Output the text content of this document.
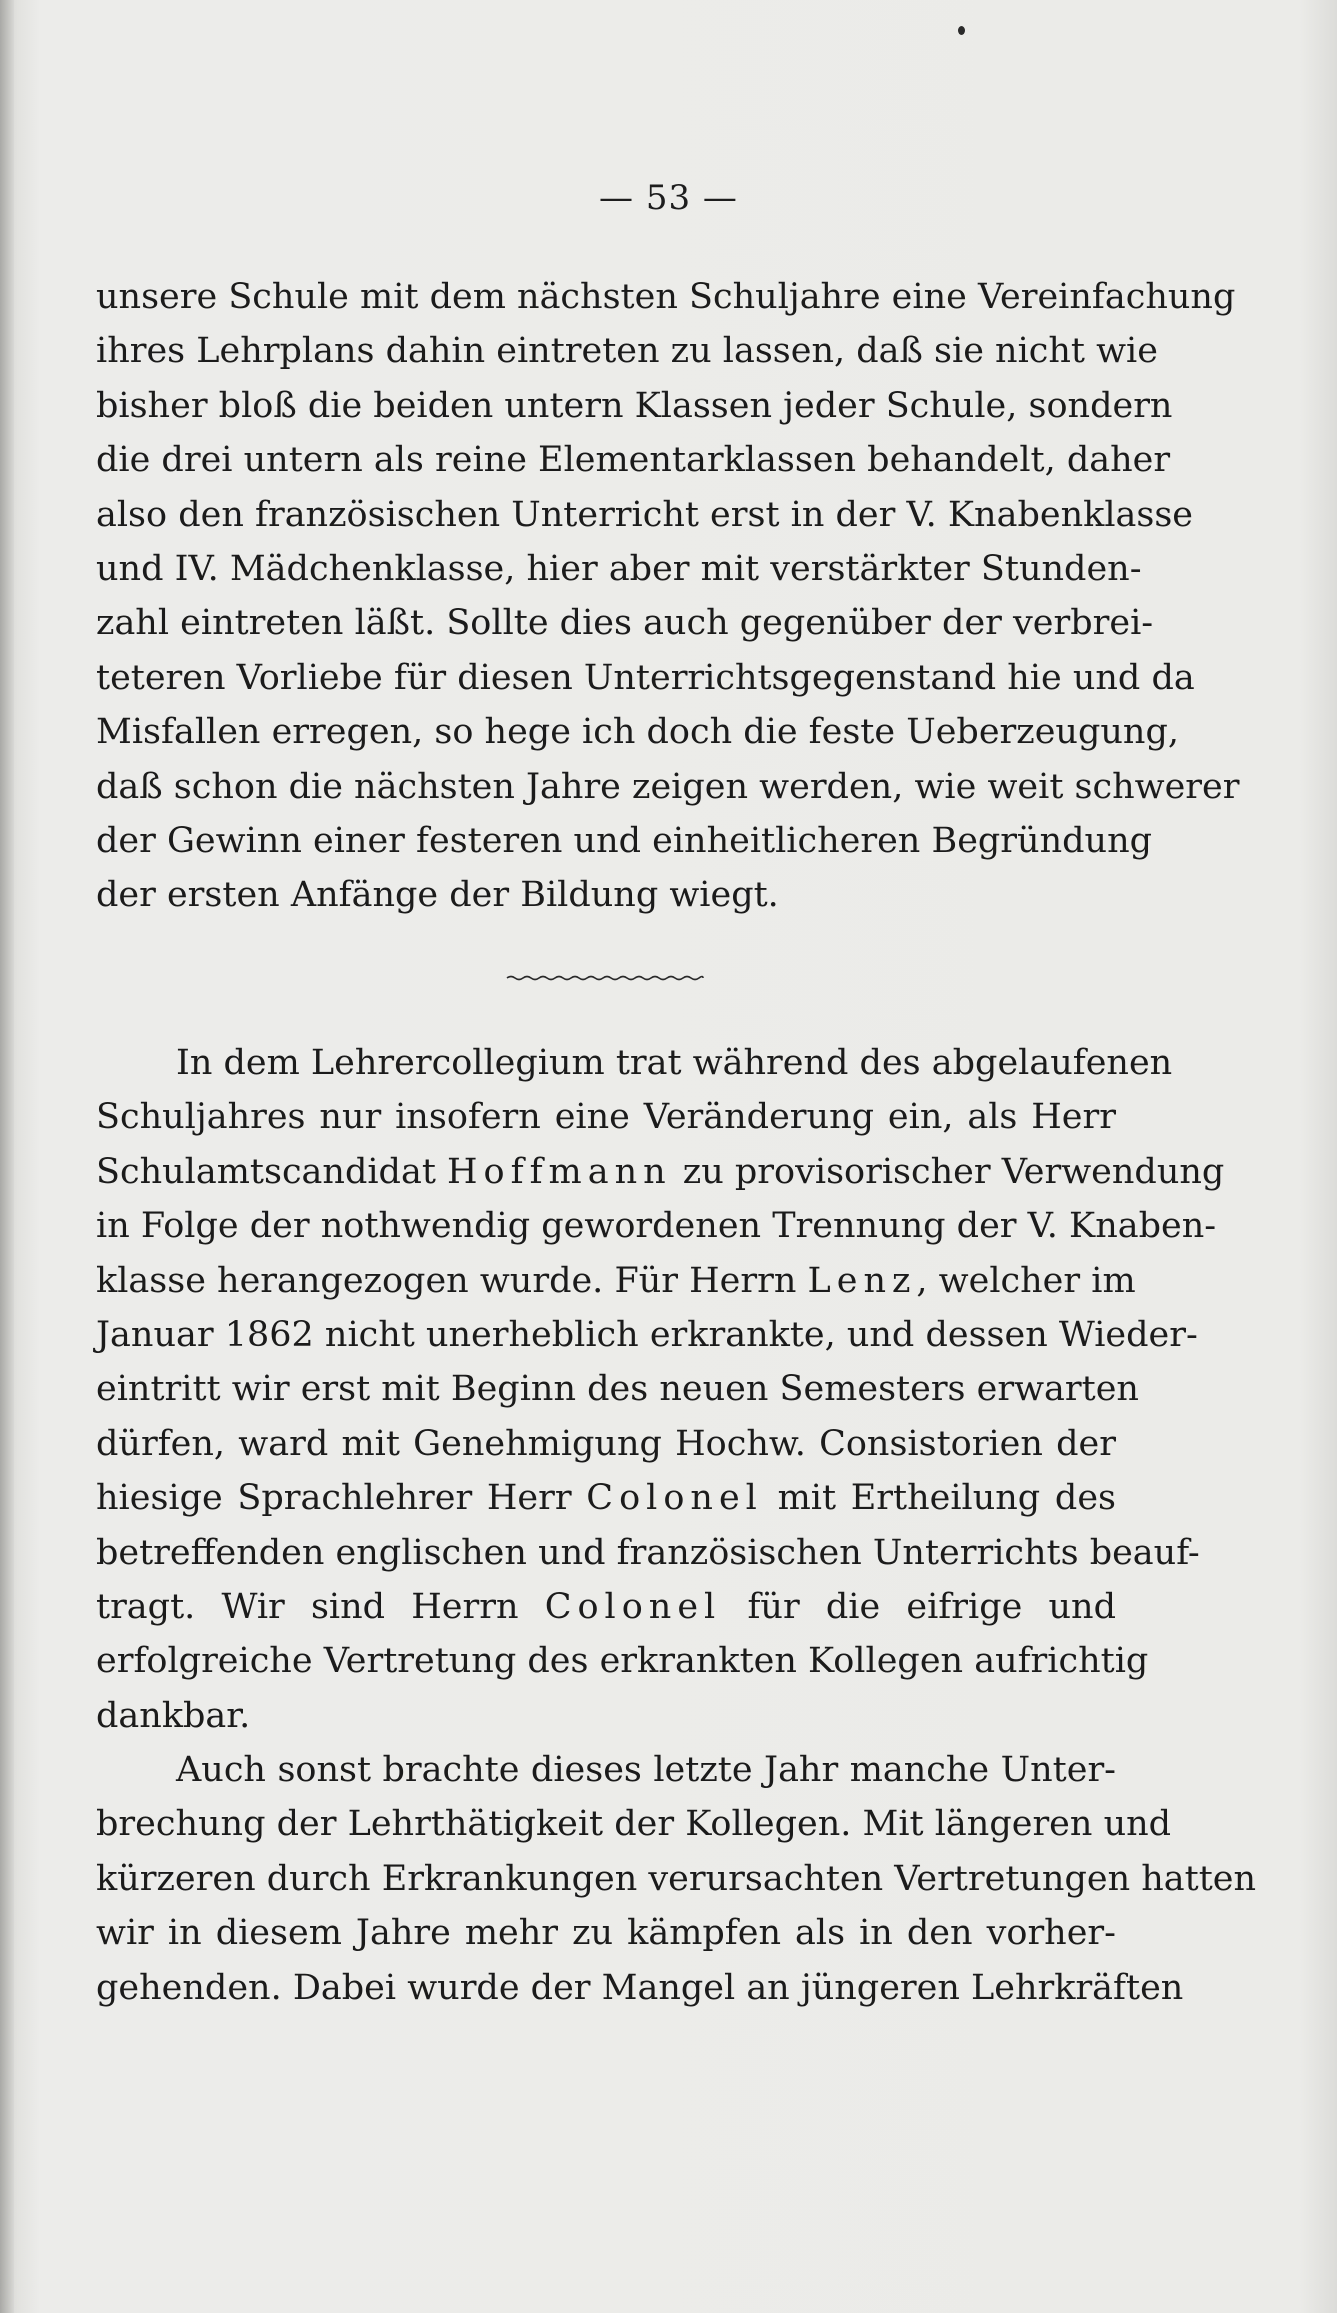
— 53 —
unsere Schule mit dem nächsten Schuljahre eine Vereinfachung
ihres Lehrplans dahin eintreten zu lassen, daß sie nicht wie
bisher bloß die beiden untern Klassen jeder Schule, sondern
die drei untern als reine Elementarklassen behandelt, daher
also den französischen Unterricht erst in der V. Knabenklasse
und IV. Mädchenklasse, hier aber mit verstärkter Stunden-
zahl eintreten läßt. Sollte dies auch gegenüber der verbrei-
teteren Vorliebe für diesen Unterrichtsgegenstand hie und da
Misfallen erregen, so hege ich doch die feste Ueberzeugung,
daß schon die nächsten Jahre zeigen werden, wie weit schwerer
der Gewinn einer festeren und einheitlicheren Begründung
der ersten Anfänge der Bildung wiegt.
In dem Lehrercollegium trat während des abgelaufenen
Schuljahres nur insofern eine Veränderung ein, als Herr
Schulamtscandidat Hoffmann zu provisorischer Verwendung
in Folge der nothwendig gewordenen Trennung der V. Knaben-
klasse herangezogen wurde. Für Herrn Lenz, welcher im
Januar 1862 nicht unerheblich erkrankte, und dessen Wieder-
eintritt wir erst mit Beginn des neuen Semesters erwarten
dürfen, ward mit Genehmigung Hochw. Consistorien der
hiesige Sprachlehrer Herr Colonel mit Ertheilung des
betreffenden englischen und französischen Unterrichts beauf-
tragt. Wir sind Herrn Colonel für die eifrige und
erfolgreiche Vertretung des erkrankten Kollegen aufrichtig
dankbar.
Auch sonst brachte dieses letzte Jahr manche Unter-
brechung der Lehrthätigkeit der Kollegen. Mit längeren und
kürzeren durch Erkrankungen verursachten Vertretungen hatten
wir in diesem Jahre mehr zu kämpfen als in den vorher-
gehenden. Dabei wurde der Mangel an jüngeren Lehrkräften
